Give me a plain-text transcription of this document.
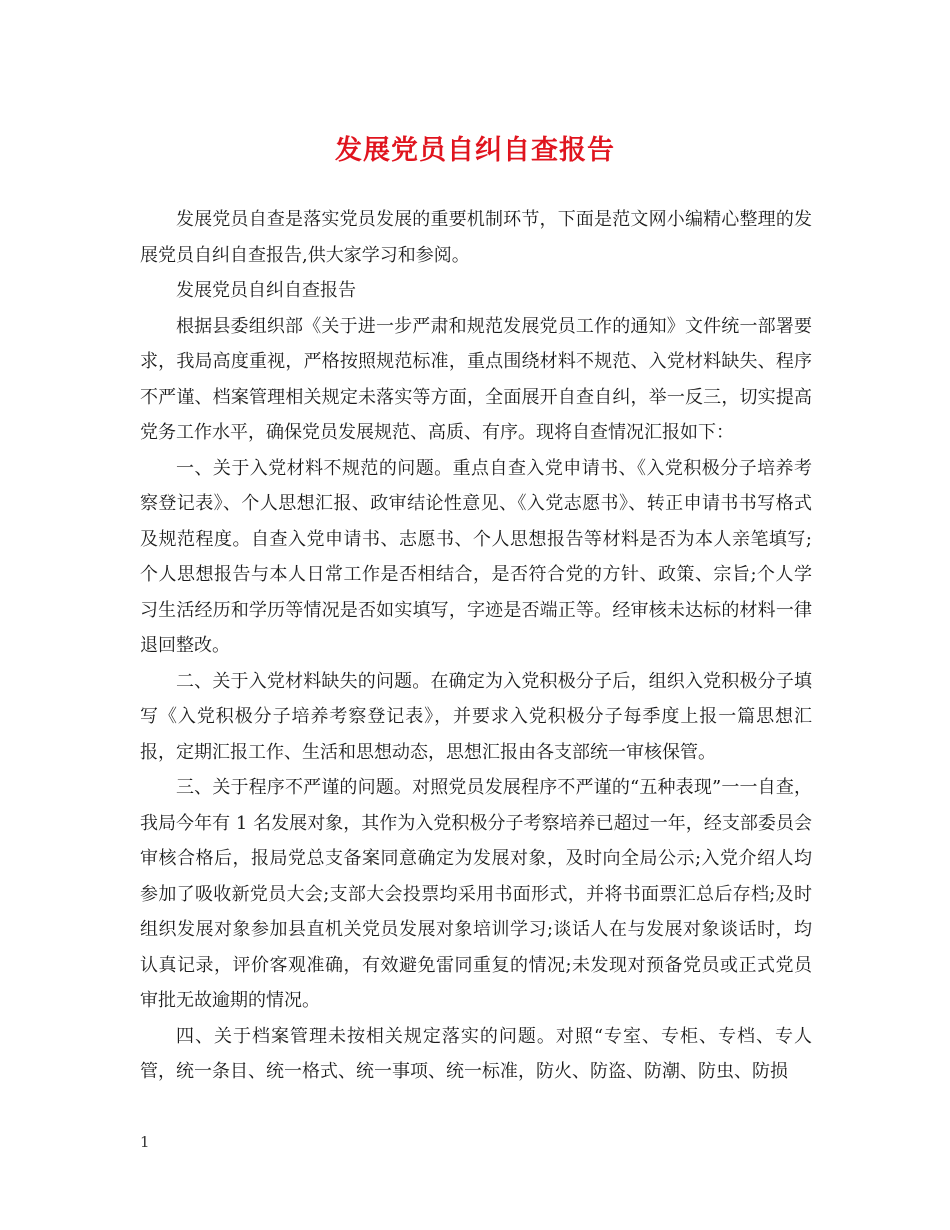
发展党员自纠自查报告

发展党员自查是落实党员发展的重要机制环节，下面是范文网小编精心整理的发展党员自纠自查报告,供大家学习和参阅。

发展党员自纠自查报告

根据县委组织部《关于进一步严肃和规范发展党员工作的通知》文件统一部署要求，我局高度重视，严格按照规范标准，重点围绕材料不规范、入党材料缺失、程序不严谨、档案管理相关规定未落实等方面，全面展开自查自纠，举一反三，切实提高党务工作水平，确保党员发展规范、高质、有序。现将自查情况汇报如下：

一、关于入党材料不规范的问题。重点自查入党申请书、《入党积极分子培养考察登记表》、个人思想汇报、政审结论性意见、《入党志愿书》、转正申请书书写格式及规范程度。自查入党申请书、志愿书、个人思想报告等材料是否为本人亲笔填写;个人思想报告与本人日常工作是否相结合，是否符合党的方针、政策、宗旨;个人学习生活经历和学历等情况是否如实填写，字迹是否端正等。经审核未达标的材料一律退回整改。

二、关于入党材料缺失的问题。在确定为入党积极分子后，组织入党积极分子填写《入党积极分子培养考察登记表》，并要求入党积极分子每季度上报一篇思想汇报，定期汇报工作、生活和思想动态，思想汇报由各支部统一审核保管。

三、关于程序不严谨的问题。对照党员发展程序不严谨的“五种表现”一一自查，我局今年有 1 名发展对象，其作为入党积极分子考察培养已超过一年，经支部委员会审核合格后，报局党总支备案同意确定为发展对象，及时向全局公示;入党介绍人均参加了吸收新党员大会;支部大会投票均采用书面形式，并将书面票汇总后存档;及时组织发展对象参加县直机关党员发展对象培训学习;谈话人在与发展对象谈话时，均认真记录，评价客观准确，有效避免雷同重复的情况;未发现对预备党员或正式党员审批无故逾期的情况。

四、关于档案管理未按相关规定落实的问题。对照“专室、专柜、专档、专人管，统一条目、统一格式、统一事项、统一标准，防火、防盗、防潮、防虫、防损

1
